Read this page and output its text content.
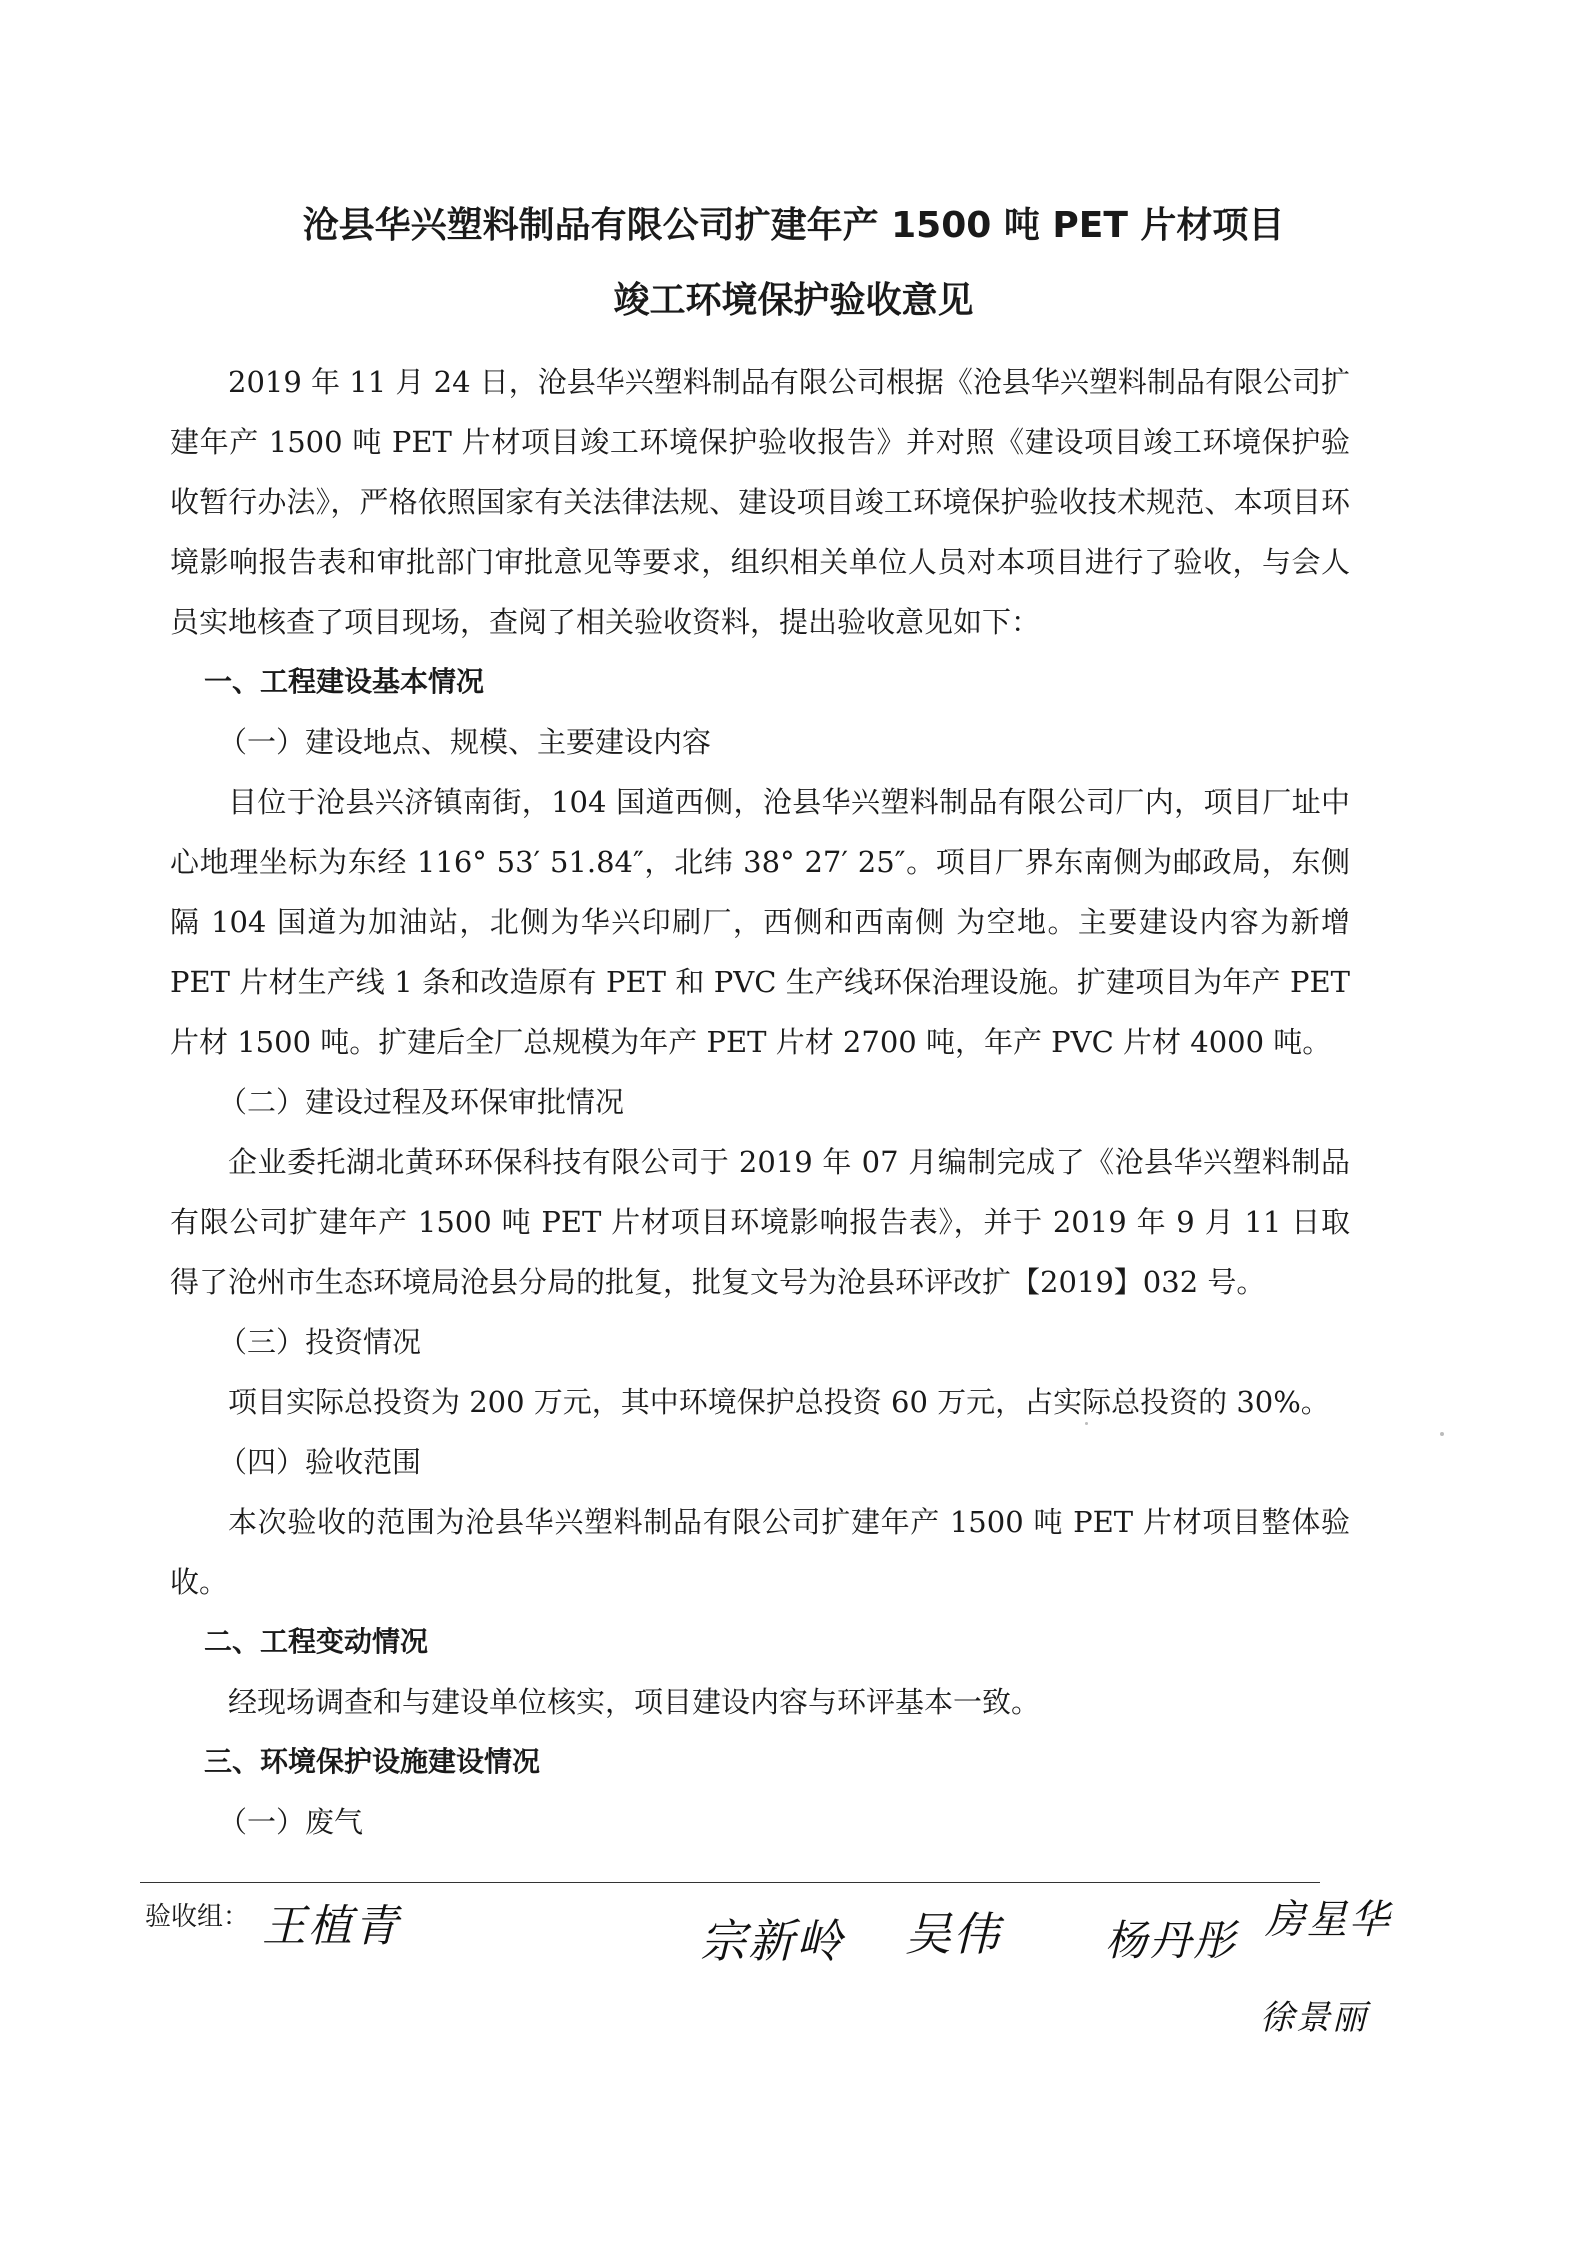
沧县华兴塑料制品有限公司扩建年产 1500 吨 PET 片材项目
竣工环境保护验收意见

2019 年 11 月 24 日，沧县华兴塑料制品有限公司根据《沧县华兴塑料制品有限公司扩建年产 1500 吨 PET 片材项目竣工环境保护验收报告》并对照《建设项目竣工环境保护验收暂行办法》，严格依照国家有关法律法规、建设项目竣工环境保护验收技术规范、本项目环境影响报告表和审批部门审批意见等要求，组织相关单位人员对本项目进行了验收，与会人员实地核查了项目现场，查阅了相关验收资料，提出验收意见如下：

一、工程建设基本情况

（一）建设地点、规模、主要建设内容

目位于沧县兴济镇南街，104 国道西侧，沧县华兴塑料制品有限公司厂内，项目厂址中心地理坐标为东经 116° 53′ 51.84″，北纬 38° 27′ 25″。项目厂界东南侧为邮政局，东侧隔 104 国道为加油站，北侧为华兴印刷厂，西侧和西南侧 为空地。主要建设内容为新增 PET 片材生产线 1 条和改造原有 PET 和 PVC 生产线环保治理设施。扩建项目为年产 PET 片材 1500 吨。扩建后全厂总规模为年产 PET 片材 2700 吨，年产 PVC 片材 4000 吨。

（二）建设过程及环保审批情况

企业委托湖北黄环环保科技有限公司于 2019 年 07 月编制完成了《沧县华兴塑料制品有限公司扩建年产 1500 吨 PET 片材项目环境影响报告表》，并于 2019 年 9 月 11 日取得了沧州市生态环境局沧县分局的批复，批复文号为沧县环评改扩【2019】032 号。

（三）投资情况

项目实际总投资为 200 万元，其中环境保护总投资 60 万元，占实际总投资的 30%。

（四）验收范围

本次验收的范围为沧县华兴塑料制品有限公司扩建年产 1500 吨 PET 片材项目整体验收。

二、工程变动情况

经现场调查和与建设单位核实，项目建设内容与环评基本一致。

三、环境保护设施建设情况

（一）废气

验收组： 王植青	宗新岭 吴伟 杨丹彤 房星华
徐景丽
